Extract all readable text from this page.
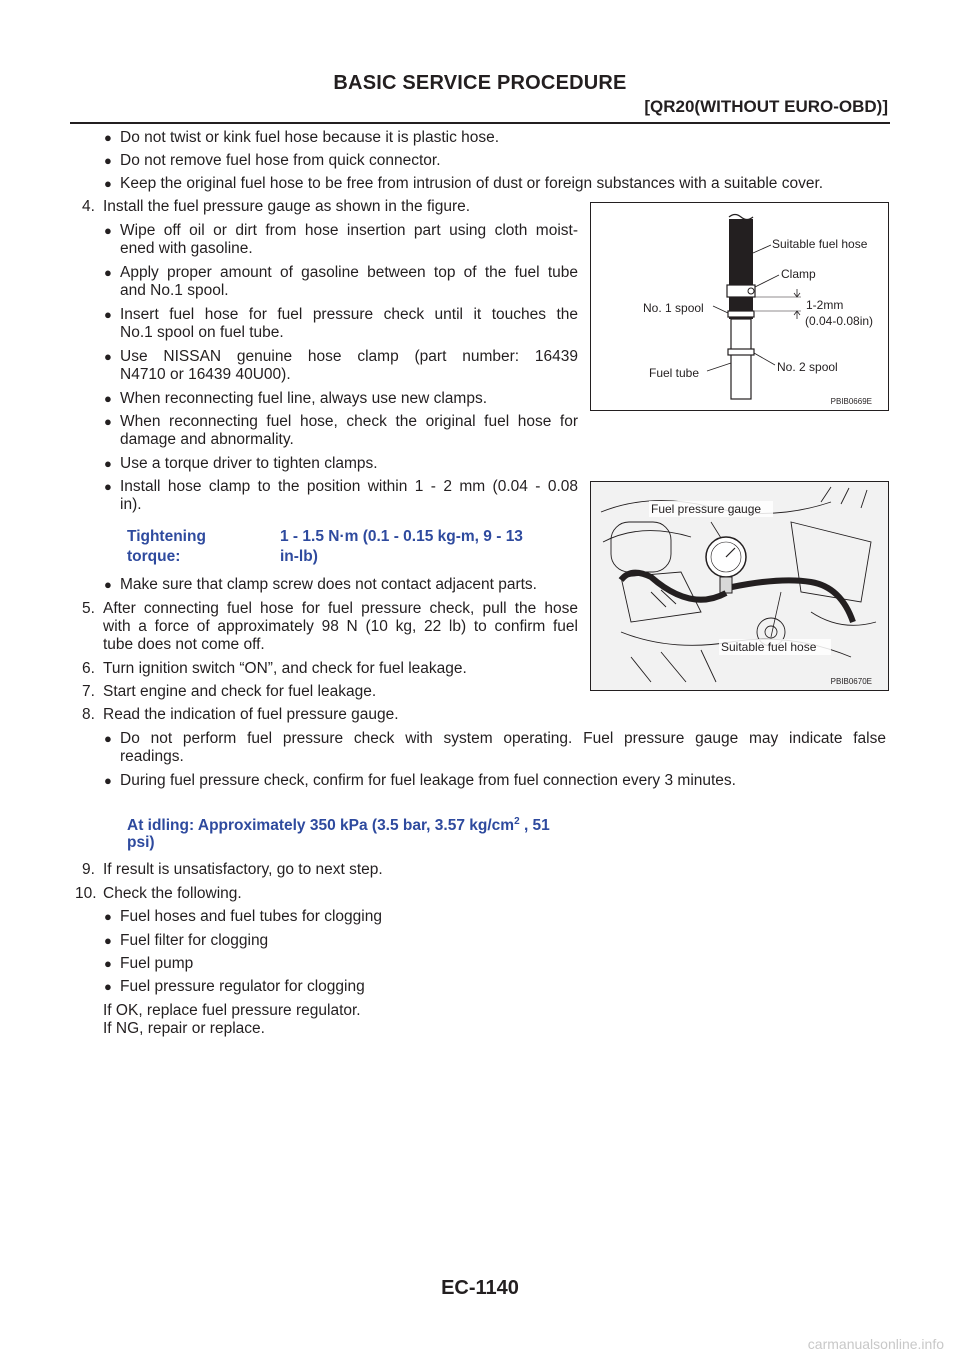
BASIC SERVICE PROCEDURE
[QR20(WITHOUT EURO-OBD)]
● Do not twist or kink fuel hose because it is plastic hose.
● Do not remove fuel hose from quick connector.
● Keep the original fuel hose to be free from intrusion of dust or foreign substances with a suitable cover.
4. Install the fuel pressure gauge as shown in the figure.
● Wipe off oil or dirt from hose insertion part using cloth moist-
ened with gasoline.
● Apply proper amount of gasoline between top of the fuel tube
and No.1 spool.
● Insert fuel hose for fuel pressure check until it touches the
No.1 spool on fuel tube.
● Use NISSAN genuine hose clamp (part number: 16439
N4710 or 16439 40U00).
● When reconnecting fuel line, always use new clamps.
● When reconnecting fuel hose, check the original fuel hose for
damage and abnormality.
● Use a torque driver to tighten clamps.
● Install hose clamp to the position within 1 - 2 mm (0.04 - 0.08
in).
Tightening
torque:
1 - 1.5 N·m (0.1 - 0.15 kg-m, 9 - 13
in-lb)
● Make sure that clamp screw does not contact adjacent parts.
5. After connecting fuel hose for fuel pressure check, pull the hose
with a force of approximately 98 N (10 kg, 22 lb) to confirm fuel
tube does not come off.
6. Turn ignition switch “ON”, and check for fuel leakage.
7. Start engine and check for fuel leakage.
8. Read the indication of fuel pressure gauge.
● Do not perform fuel pressure check with system operating. Fuel pressure gauge may indicate false
readings.
● During fuel pressure check, confirm for fuel leakage from fuel connection every 3 minutes.
At idling: Approximately 350 kPa (3.5 bar, 3.57 $kg/cm^2$ , 51
psi)
9. If result is unsatisfactory, go to next step.
10. Check the following.
● Fuel hoses and fuel tubes for clogging
● Fuel filter for clogging
● Fuel pump
● Fuel pressure regulator for clogging
If OK, replace fuel pressure regulator.
If NG, repair or replace.
Suitable fuel hose
Clamp
No. 1 spool	1-2mm
(0.04-0.08in)
Fuel tube	No. 2 spool
PBIB0669E
Fuel pressure gauge
Suitable fuel hose
PBIB0670E
EC-1140
carmanualsonline.info
